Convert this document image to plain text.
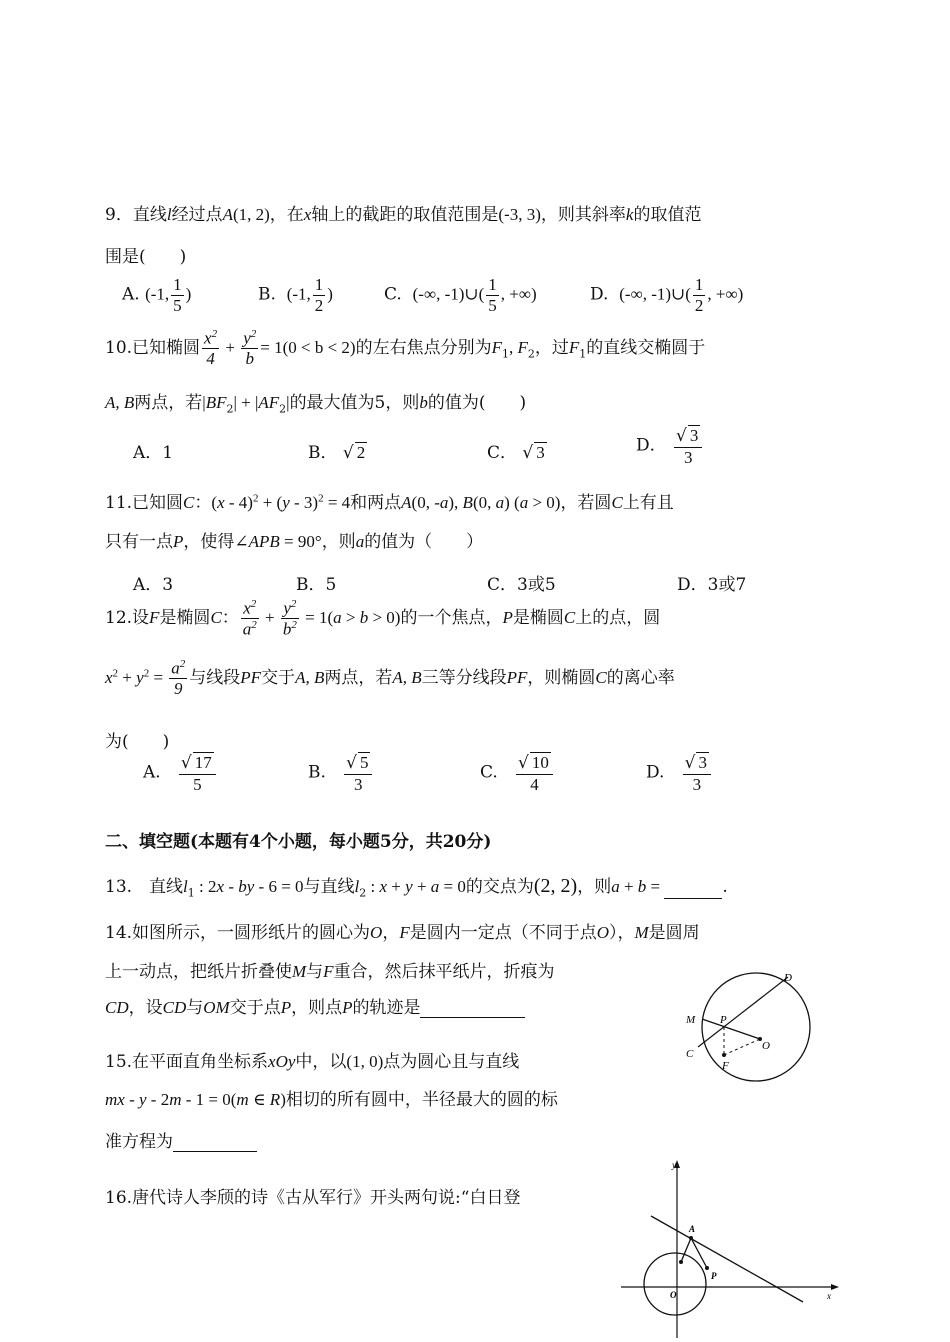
9．直线l经过点A(1, 2)，在x轴上的截距的取值范围是(-3, 3)，则其斜率k的取值范
围是(　　)
A. (-1, $\frac{1}{5}$ )	B.  (-1, $\frac{1}{2}$ )	C.  (-∞, -1)∪( $\frac{1}{5}$ , +∞)	D.  (-∞, -1)∪( $\frac{1}{2}$ , +∞)
10.已知椭圆 $\frac{x^2}{4} + \frac{y^2}{b} = 1(0 < b < 2)$的左右焦点分别为$F_1$, $F_2$，过$F_1$的直线交椭圆于
A, B两点，若$|BF_2| + |AF_2|$的最大值为5，则b的值为(　　)
A．1	B． √ 2	C． √ 3	D． $\frac{√ 3}{3}$
11.已知圆C：(x - 4)$^2$ + (y - 3)$^2$ = 4和两点A(0, -a), B(0, a) (a > 0)，若圆C上有且
只有一点P，使得∠APB = 90°，则a的值为（　　）
A．3	B．5	C．3或5	D．3或7
12.设F是椭圆C： $\frac{x^2}{a^2} + \frac{y^2}{b^2} = 1(a > b > 0)$的一个焦点，P是椭圆C上的点，圆
$x^2 + y^2 = \frac{a^2}{9}$ 与线段PF交于A, B两点，若A, B三等分线段PF，则椭圆C的离心率
为(　　)
A. $\frac{√ 17}{5}$	B. $\frac{√ 5}{3}$	C. $\frac{√ 10}{4}$	D. $\frac{√ 3}{3}$
二、填空题(本题有4个小题，每小题5分，共20分)
13.　直线$l_1$ : 2x - by - 6 = 0与直线$l_2$ : x + y + a = 0的交点为(2, 2)，则a + b =	.
14.如图所示，一圆形纸片的圆心为O，F是圆内一定点（不同于点O），M是圆周
上一动点，把纸片折叠使M与F重合，然后抹平纸片，折痕为
CD，设CD与OM交于点P，则点P的轨迹是
D
M P
O
C
F
15.在平面直角坐标系xOy中，以(1, 0)点为圆心且与直线
mx - y - 2m - 1 = 0(m ∈ R)相切的所有圆中，半径最大的圆的标
准方程为
16.唐代诗人李颀的诗《古从军行》开头两句说:“白日登
y
A
P
O	x
